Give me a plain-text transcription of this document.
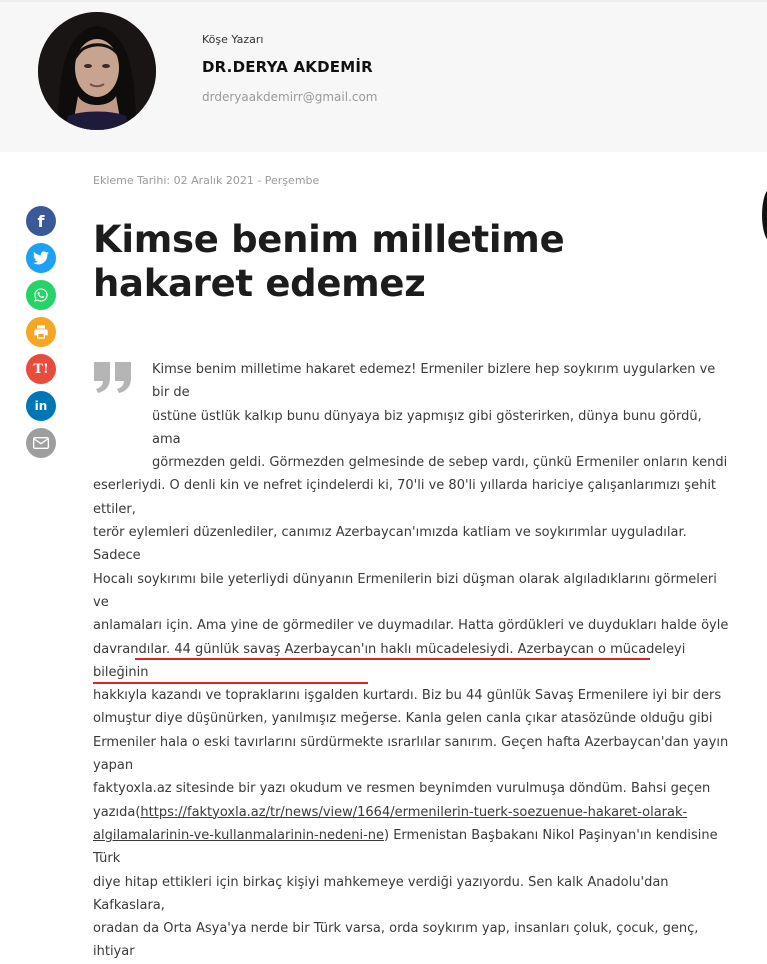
Köşe Yazarı
DR.DERYA AKDEMİR
drderyaakdemirr@gmail.com
Ekleme Tarihi: 02 Aralık 2021 - Perşembe
Kimse benim milletime hakaret edemez
f
T!
in
Kimse benim milletime hakaret edemez! Ermeniler bizlere hep soykırım uygularken ve bir de
üstüne üstlük kalkıp bunu dünyaya biz yapmışız gibi gösterirken, dünya bunu gördü, ama
görmezden geldi. Görmezden gelmesinde de sebep vardı, çünkü Ermeniler onların kendi
eserleriydi. O denli kin ve nefret içindelerdi ki, 70'li ve 80'li yıllarda hariciye çalışanlarımızı şehit ettiler,
terör eylemleri düzenlediler, canımız Azerbaycan'ımızda katliam ve soykırımlar uyguladılar. Sadece
Hocalı soykırımı bile yeterliydi dünyanın Ermenilerin bizi düşman olarak algıladıklarını görmeleri ve
anlamaları için. Ama yine de görmediler ve duymadılar. Hatta gördükleri ve duydukları halde öyle
davrandılar. 44 günlük savaş Azerbaycan'ın haklı mücadelesiydi. Azerbaycan o mücadeleyi bileğinin
hakkıyla kazandı ve topraklarını işgalden kurtardı. Biz bu 44 günlük Savaş Ermenilere iyi bir ders
olmuştur diye düşünürken, yanılmışız meğerse. Kanla gelen canla çıkar atasözünde olduğu gibi
Ermeniler hala o eski tavırlarını sürdürmekte ısrarlılar sanırım. Geçen hafta Azerbaycan'dan yayın yapan
faktyoxla.az sitesinde bir yazı okudum ve resmen beynimden vurulmuşa döndüm. Bahsi geçen
yazıda(https://faktyoxla.az/tr/news/view/1664/ermenilerin-tuerk-soezuenue-hakaret-olarak-
algilamalarinin-ve-kullanmalarinin-nedeni-ne) Ermenistan Başbakanı Nikol Paşinyan'ın kendisine Türk
diye hitap ettikleri için birkaç kişiyi mahkemeye verdiği yazıyordu. Sen kalk Anadolu'dan Kafkaslara,
oradan da Orta Asya'ya nerde bir Türk varsa, orda soykırım yap, insanları çoluk, çocuk, genç, ihtiyar
